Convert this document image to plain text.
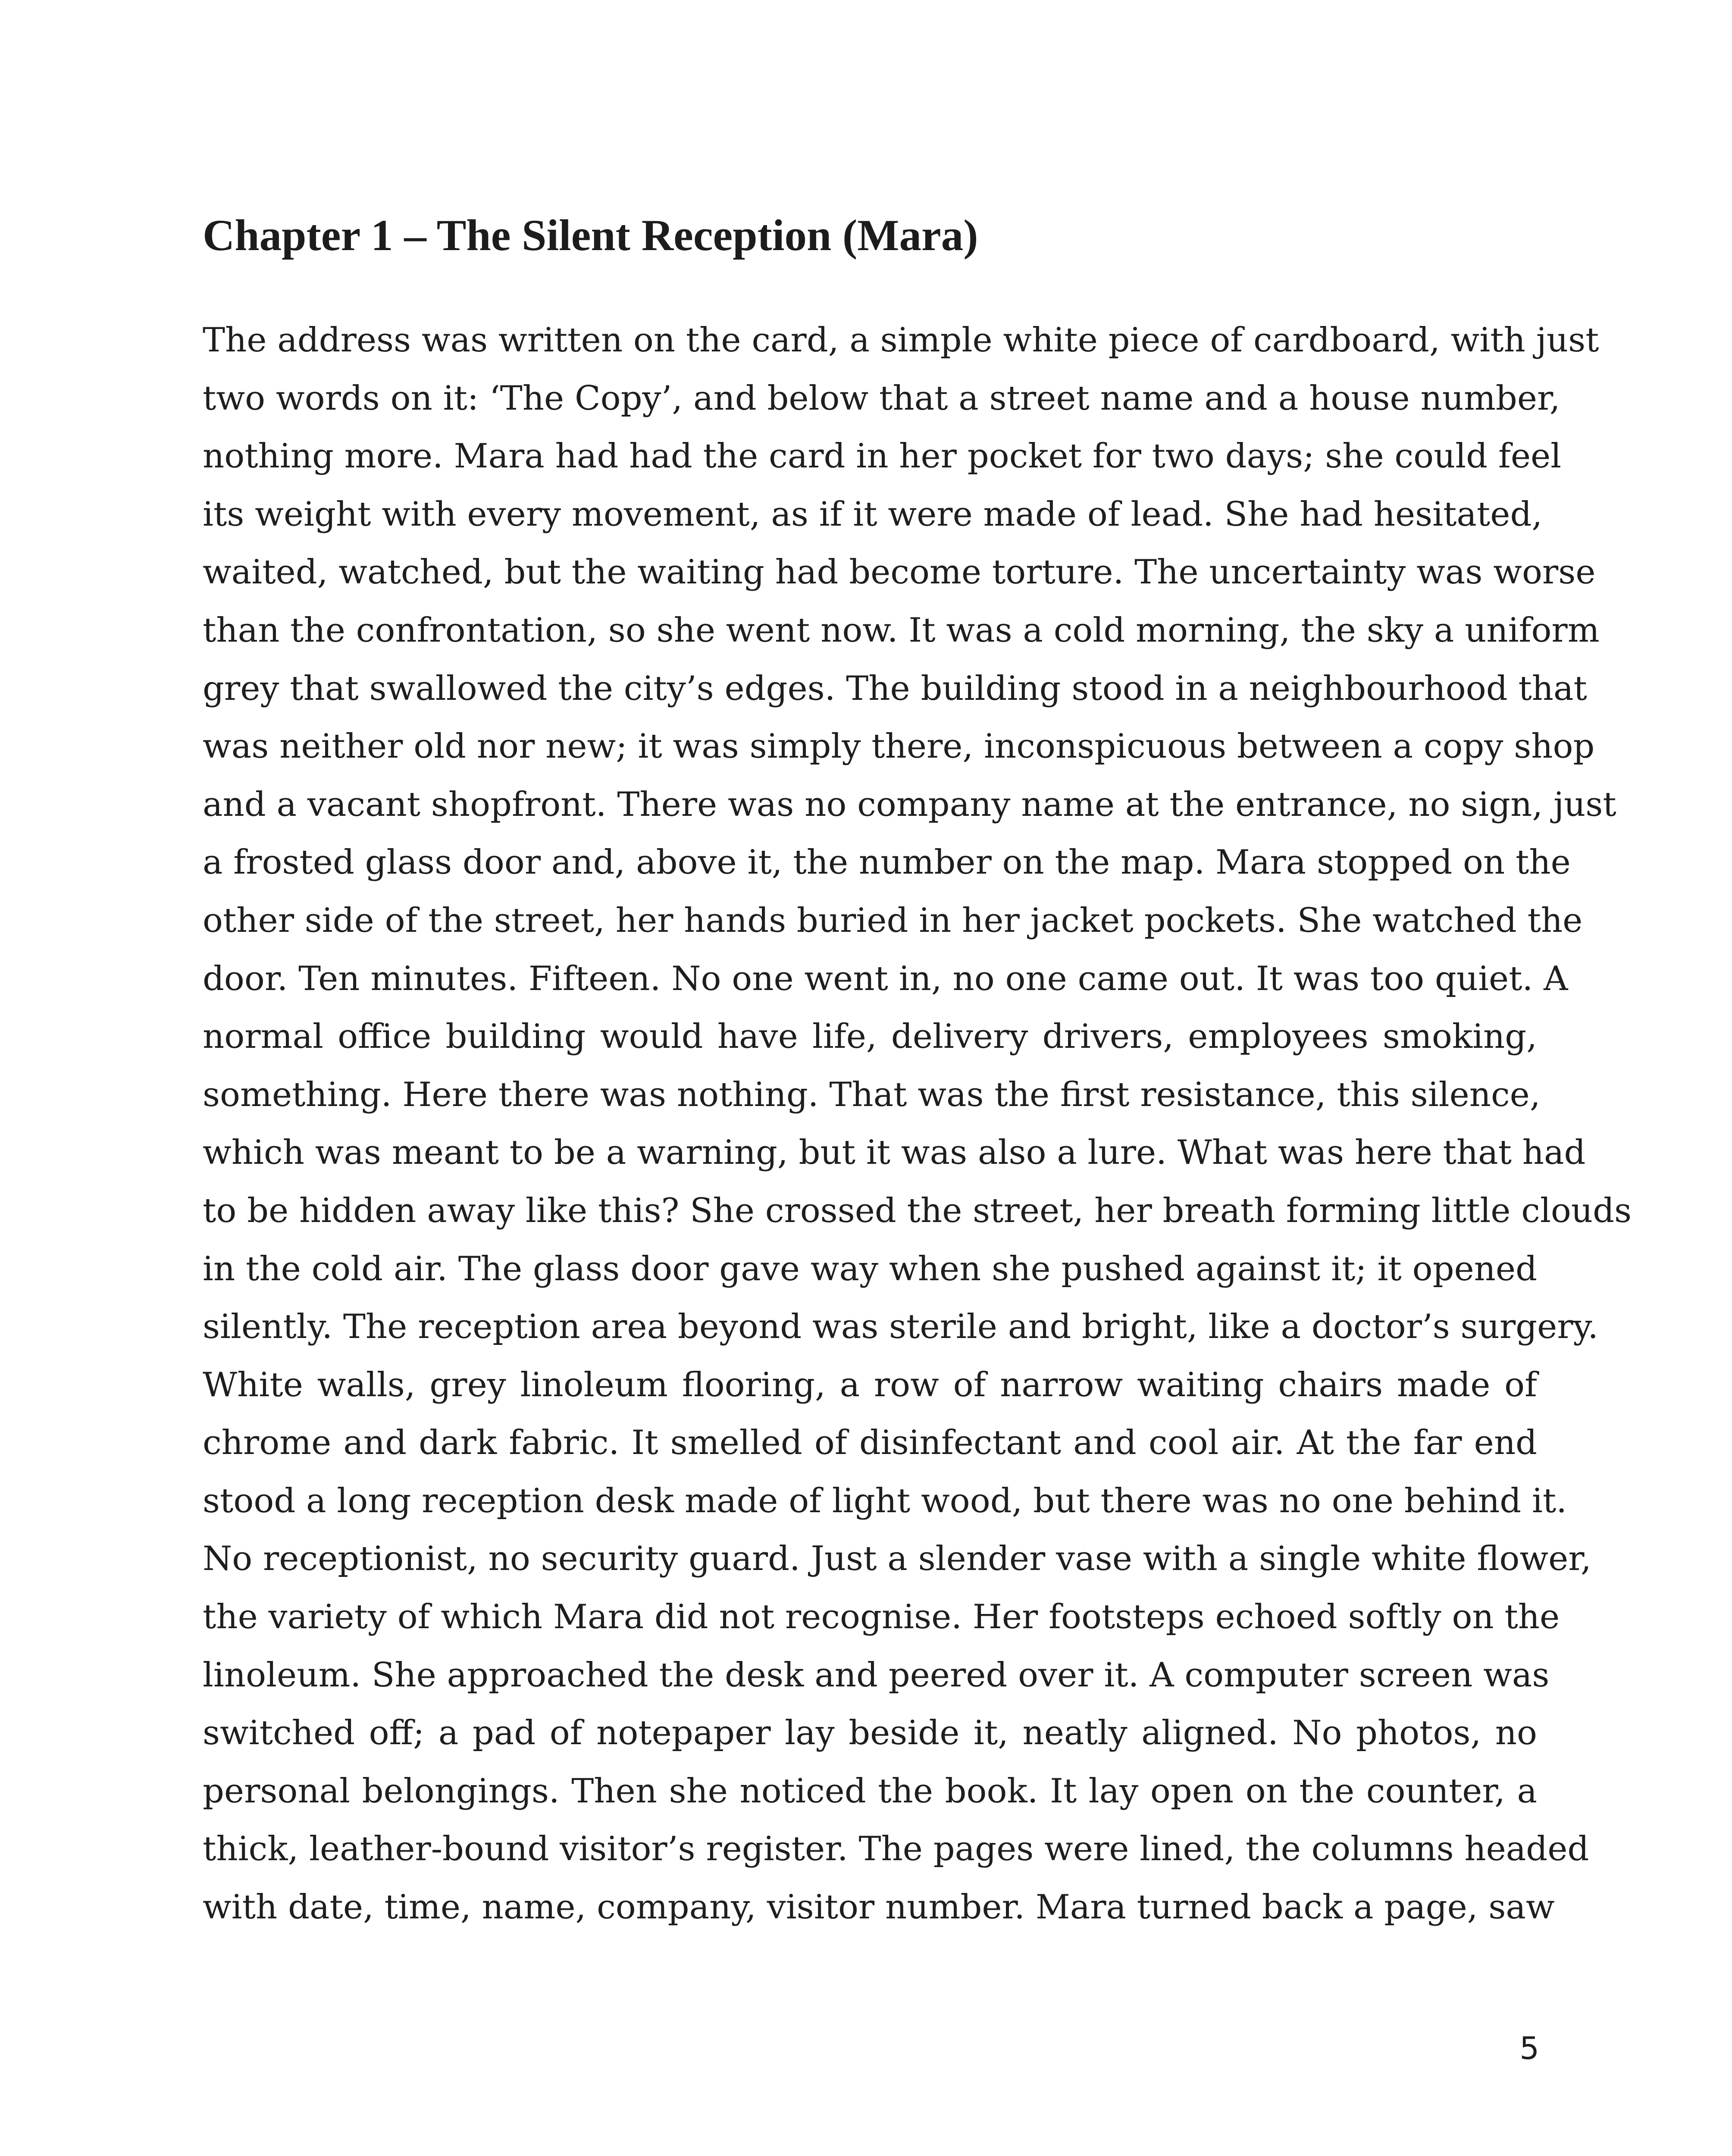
Chapter 1 – The Silent Reception (Mara)
The address was written on the card, a simple white piece of cardboard, with just
two words on it: ‘The Copy’, and below that a street name and a house number,
nothing more. Mara had had the card in her pocket for two days; she could feel
its weight with every movement, as if it were made of lead. She had hesitated,
waited, watched, but the waiting had become torture. The uncertainty was worse
than the confrontation, so she went now. It was a cold morning, the sky a uniform
grey that swallowed the city’s edges. The building stood in a neighbourhood that
was neither old nor new; it was simply there, inconspicuous between a copy shop
and a vacant shopfront. There was no company name at the entrance, no sign, just
a frosted glass door and, above it, the number on the map. Mara stopped on the
other side of the street, her hands buried in her jacket pockets. She watched the
door. Ten minutes. Fifteen. No one went in, no one came out. It was too quiet. A
normal office building would have life, delivery drivers, employees smoking,
something. Here there was nothing. That was the first resistance, this silence,
which was meant to be a warning, but it was also a lure. What was here that had
to be hidden away like this? She crossed the street, her breath forming little clouds
in the cold air. The glass door gave way when she pushed against it; it opened
silently. The reception area beyond was sterile and bright, like a doctor’s surgery.
White walls, grey linoleum flooring, a row of narrow waiting chairs made of
chrome and dark fabric. It smelled of disinfectant and cool air. At the far end
stood a long reception desk made of light wood, but there was no one behind it.
No receptionist, no security guard. Just a slender vase with a single white flower,
the variety of which Mara did not recognise. Her footsteps echoed softly on the
linoleum. She approached the desk and peered over it. A computer screen was
switched off; a pad of notepaper lay beside it, neatly aligned. No photos, no
personal belongings. Then she noticed the book. It lay open on the counter, a
thick, leather-bound visitor’s register. The pages were lined, the columns headed
with date, time, name, company, visitor number. Mara turned back a page, saw
5
